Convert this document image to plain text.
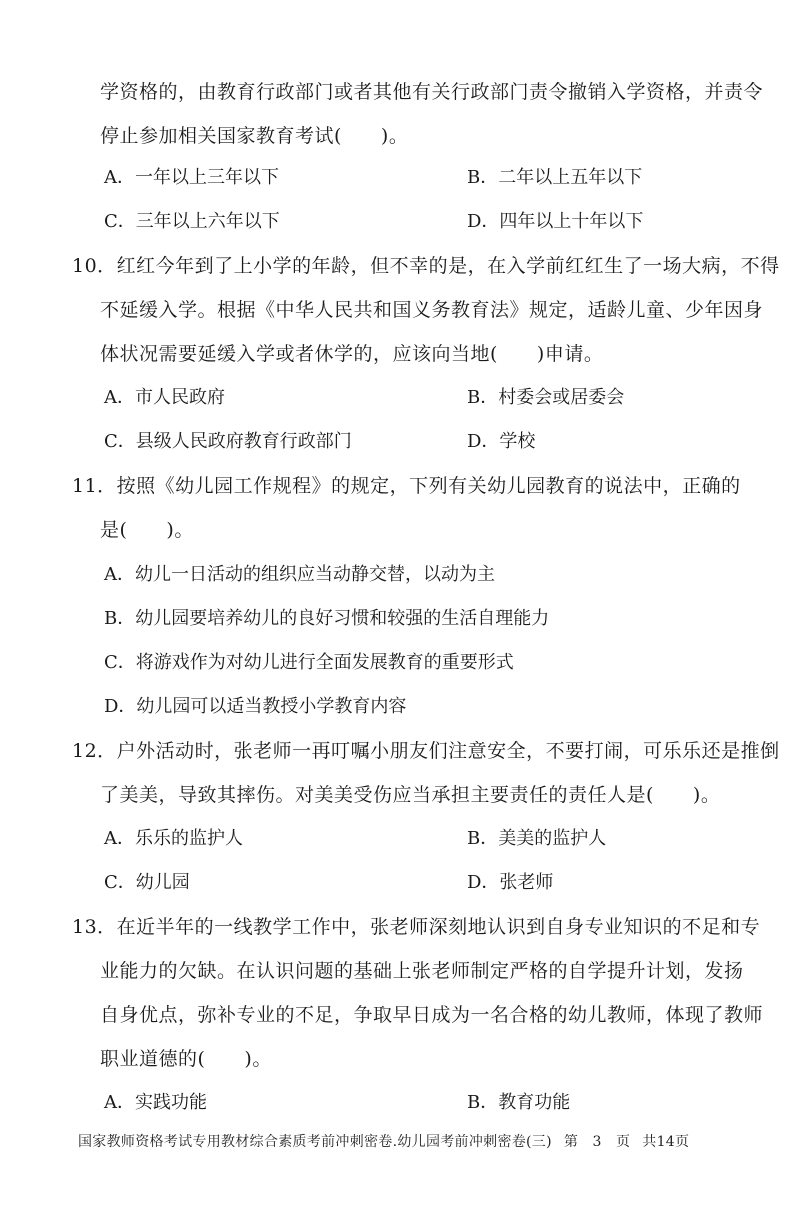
学资格的，由教育行政部门或者其他有关行政部门责令撤销入学资格，并责令
停止参加相关国家教育考试(　　)。
A．一年以上三年以下	B．二年以上五年以下
C．三年以上六年以下	D．四年以上十年以下
10．红红今年到了上小学的年龄，但不幸的是，在入学前红红生了一场大病，不得
不延缓入学。根据《中华人民共和国义务教育法》规定，适龄儿童、少年因身
体状况需要延缓入学或者休学的，应该向当地(　　)申请。
A．市人民政府	B．村委会或居委会
C．县级人民政府教育行政部门	D．学校
11．按照《幼儿园工作规程》的规定，下列有关幼儿园教育的说法中，正确的
是(　　)。
A．幼儿一日活动的组织应当动静交替，以动为主
B．幼儿园要培养幼儿的良好习惯和较强的生活自理能力
C．将游戏作为对幼儿进行全面发展教育的重要形式
D．幼儿园可以适当教授小学教育内容
12．户外活动时，张老师一再叮嘱小朋友们注意安全，不要打闹，可乐乐还是推倒
了美美，导致其摔伤。对美美受伤应当承担主要责任的责任人是(　　)。
A．乐乐的监护人	B．美美的监护人
C．幼儿园	D．张老师
13．在近半年的一线教学工作中，张老师深刻地认识到自身专业知识的不足和专
业能力的欠缺。在认识问题的基础上张老师制定严格的自学提升计划，发扬
自身优点，弥补专业的不足，争取早日成为一名合格的幼儿教师，体现了教师
职业道德的(　　)。
A．实践功能	B．教育功能
国家教师资格考试专用教材综合素质考前冲刺密卷.幼儿园考前冲刺密卷(三) 第　3　页 共14页
